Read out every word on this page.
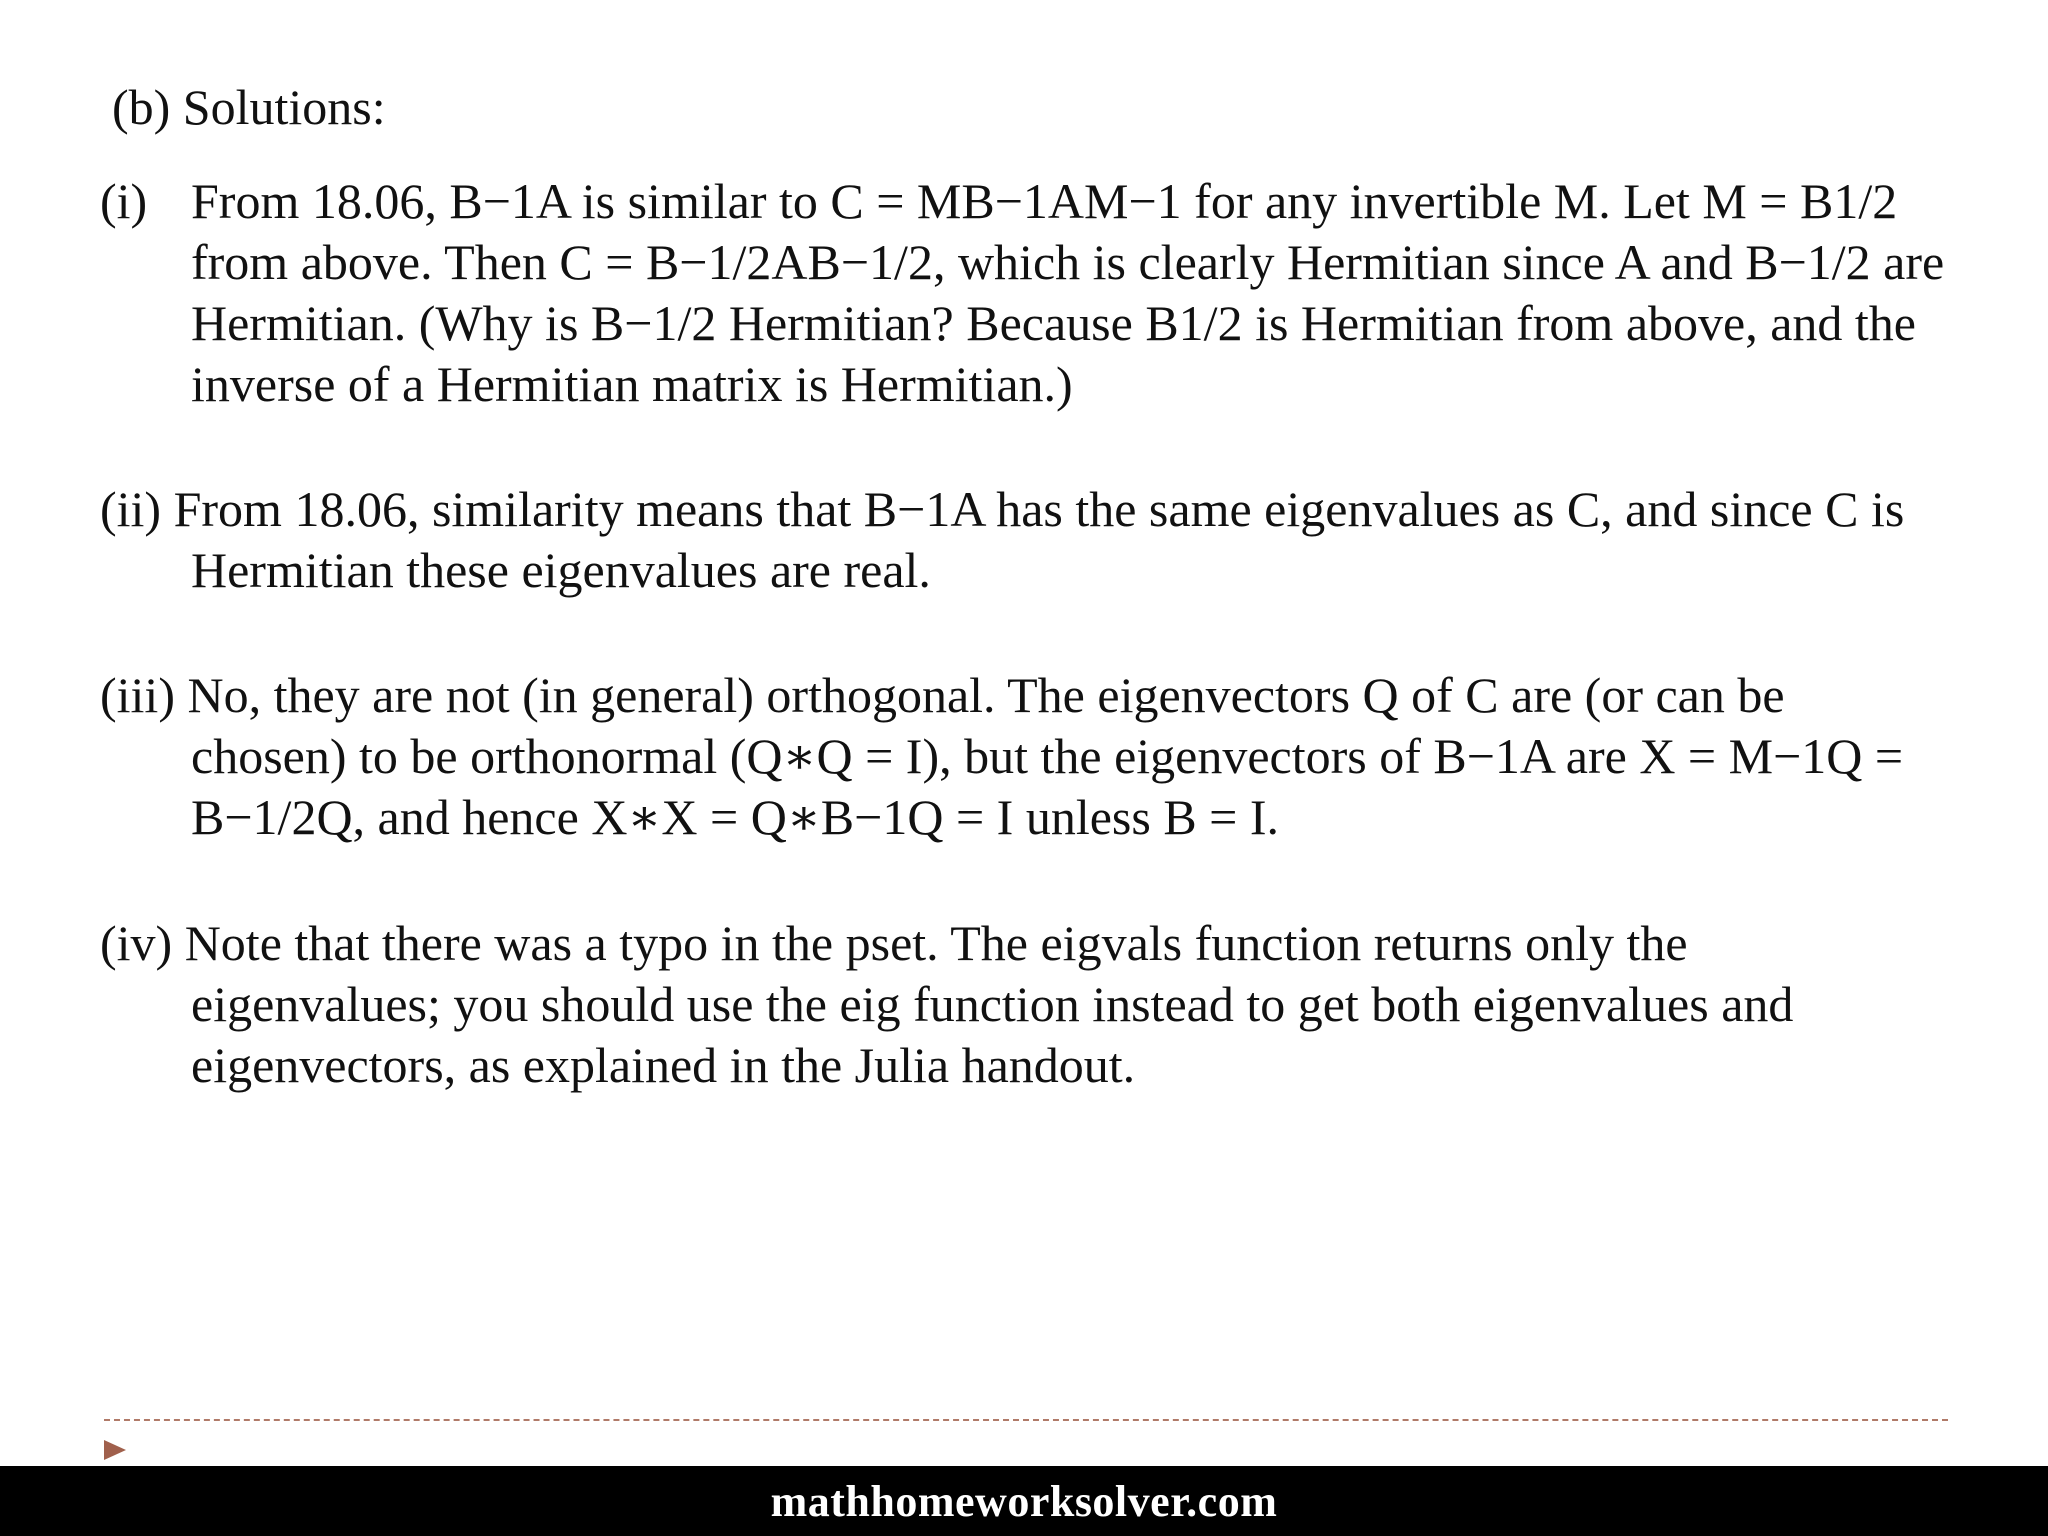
(b) Solutions:
(i) From 18.06, B−1A is similar to C = MB−1AM−1 for any invertible M. Let M = B1/2
from above. Then C = B−1/2AB−1/2, which is clearly Hermitian since A and B−1/2 are
Hermitian. (Why is B−1/2 Hermitian? Because B1/2 is Hermitian from above, and the
inverse of a Hermitian matrix is Hermitian.)
(ii) From 18.06, similarity means that B−1A has the same eigenvalues as C, and since C is
Hermitian these eigenvalues are real.
(iii) No, they are not (in general) orthogonal. The eigenvectors Q of C are (or can be
chosen) to be orthonormal (Q∗Q = I), but the eigenvectors of B−1A are X = M−1Q =
B−1/2Q, and hence X∗X = Q∗B−1Q = I unless B = I.
(iv) Note that there was a typo in the pset. The eigvals function returns only the
eigenvalues; you should use the eig function instead to get both eigenvalues and
eigenvectors, as explained in the Julia handout.
mathhomeworksolver.com
